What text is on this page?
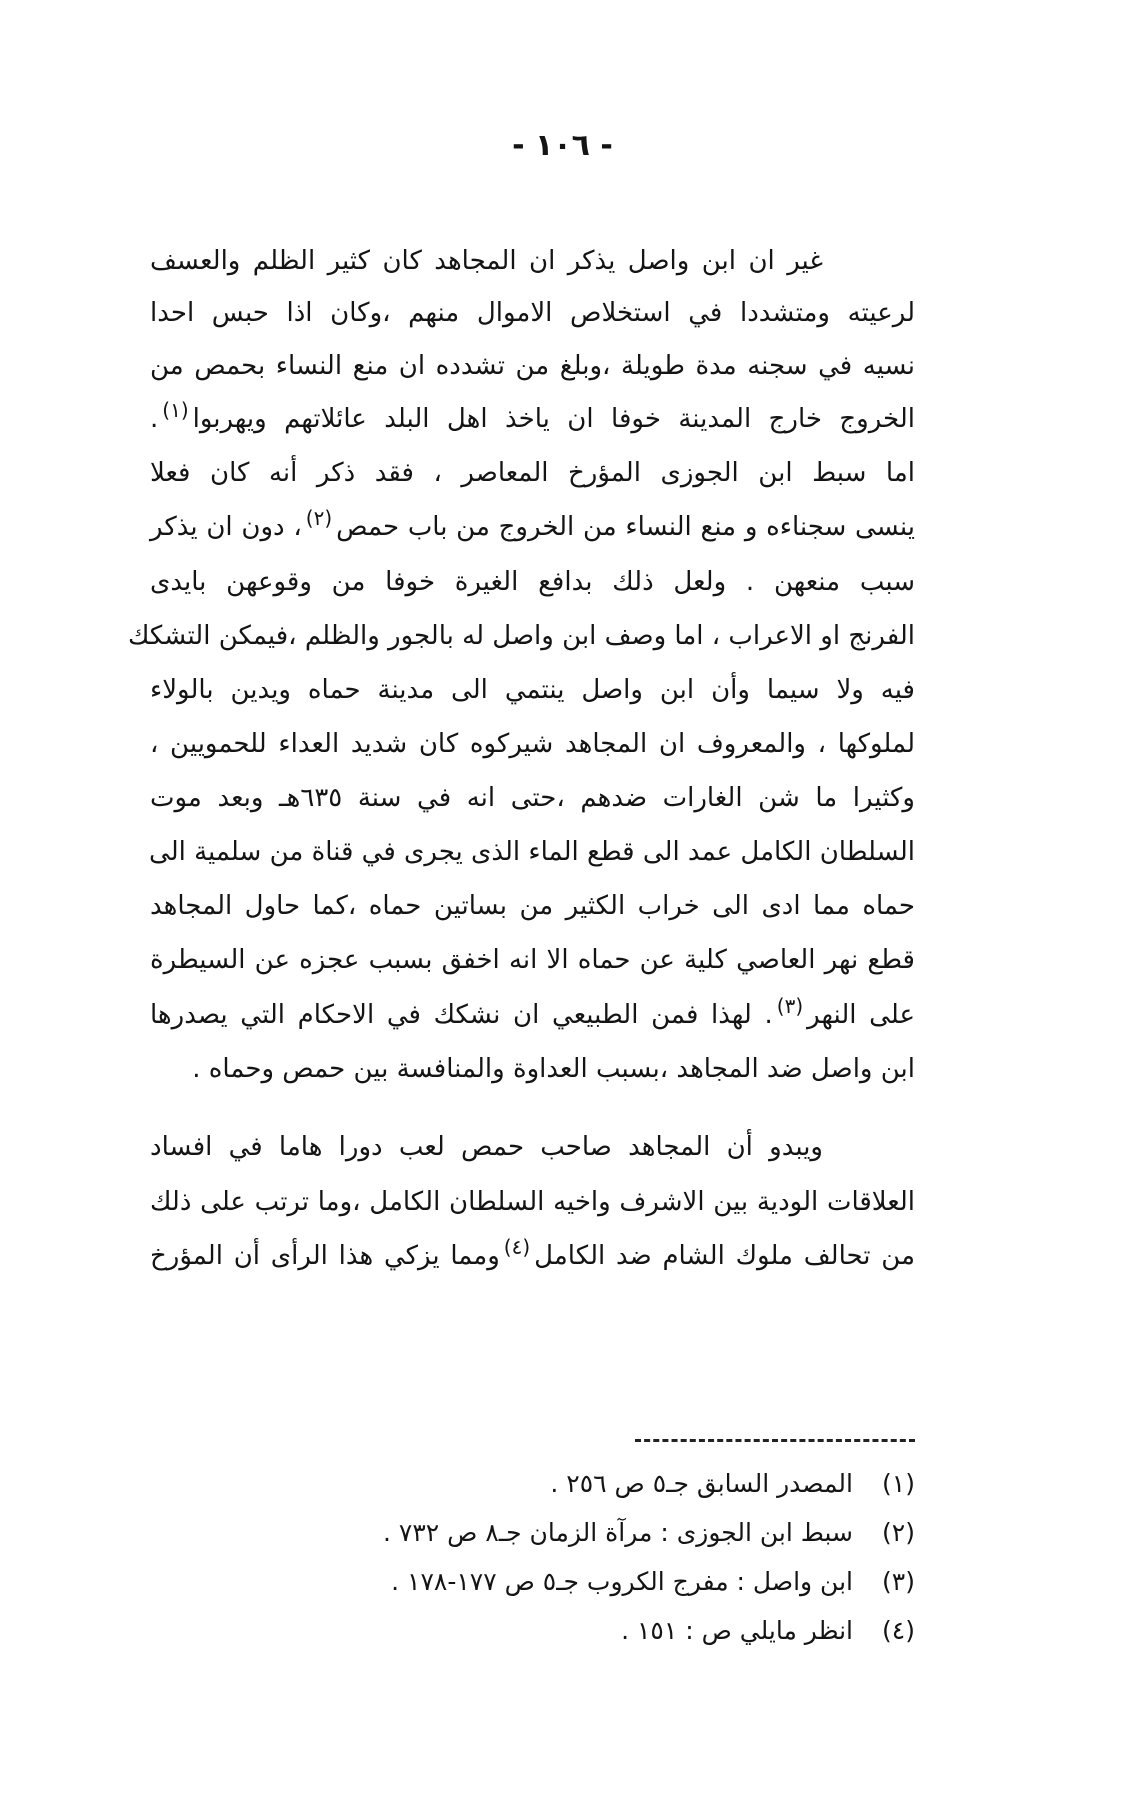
- ١٠٦ -
غير ان ابن واصل يذكر ان المجاهد كان كثير الظلم والعسف
لرعيته ومتشددا في استخلاص الاموال منهم ،وكان اذا حبس احدا
نسيه في سجنه مدة طويلة ،وبلغ من تشدده ان منع النساء بحمص من
الخروج خارج المدينة خوفا ان ياخذ اهل البلد عائلاتهم ويهربوا(١).
اما سبط ابن الجوزى المؤرخ المعاصر ، فقد ذكر أنه كان فعلا
ينسى سجناءه و منع النساء من الخروج من باب حمص(٢)، دون ان يذكر
سبب منعهن . ولعل ذلك بدافع الغيرة خوفا من وقوعهن بايدى
الفرنج او الاعراب ، اما وصف ابن واصل له بالجور والظلم ،فيمكن التشكك
فيه ولا سيما وأن ابن واصل ينتمي الى مدينة حماه ويدين بالولاء
لملوكها ، والمعروف ان المجاهد شيركوه كان شديد العداء للحمويين ،
وكثيرا ما شن الغارات ضدهم ،حتى انه في سنة ٦٣٥هـ وبعد موت
السلطان الكامل عمد الى قطع الماء الذى يجرى في قناة من سلمية الى
حماه مما ادى الى خراب الكثير من بساتين حماه ،كما حاول المجاهد
قطع نهر العاصي كلية عن حماه الا انه اخفق بسبب عجزه عن السيطرة
على النهر(٣). لهذا فمن الطبيعي ان نشكك في الاحكام التي يصدرها
ابن واصل ضد المجاهد ،بسبب العداوة والمنافسة بين حمص وحماه .
ويبدو أن المجاهد صاحب حمص لعب دورا هاما في افساد
العلاقات الودية بين الاشرف واخيه السلطان الكامل ،وما ترتب على ذلك
من تحالف ملوك الشام ضد الكامل(٤)ومما يزكي هذا الرأى أن المؤرخ
(١)المصدر السابق جـ٥ ص ٢٥٦ .
(٢)سبط ابن الجوزى : مرآة الزمان جـ٨ ص ٧٣٢ .
(٣)ابن واصل : مفرج الكروب جـ٥ ص ١٧٧-١٧٨ .
(٤)انظر مايلي ص : ١٥١ .
